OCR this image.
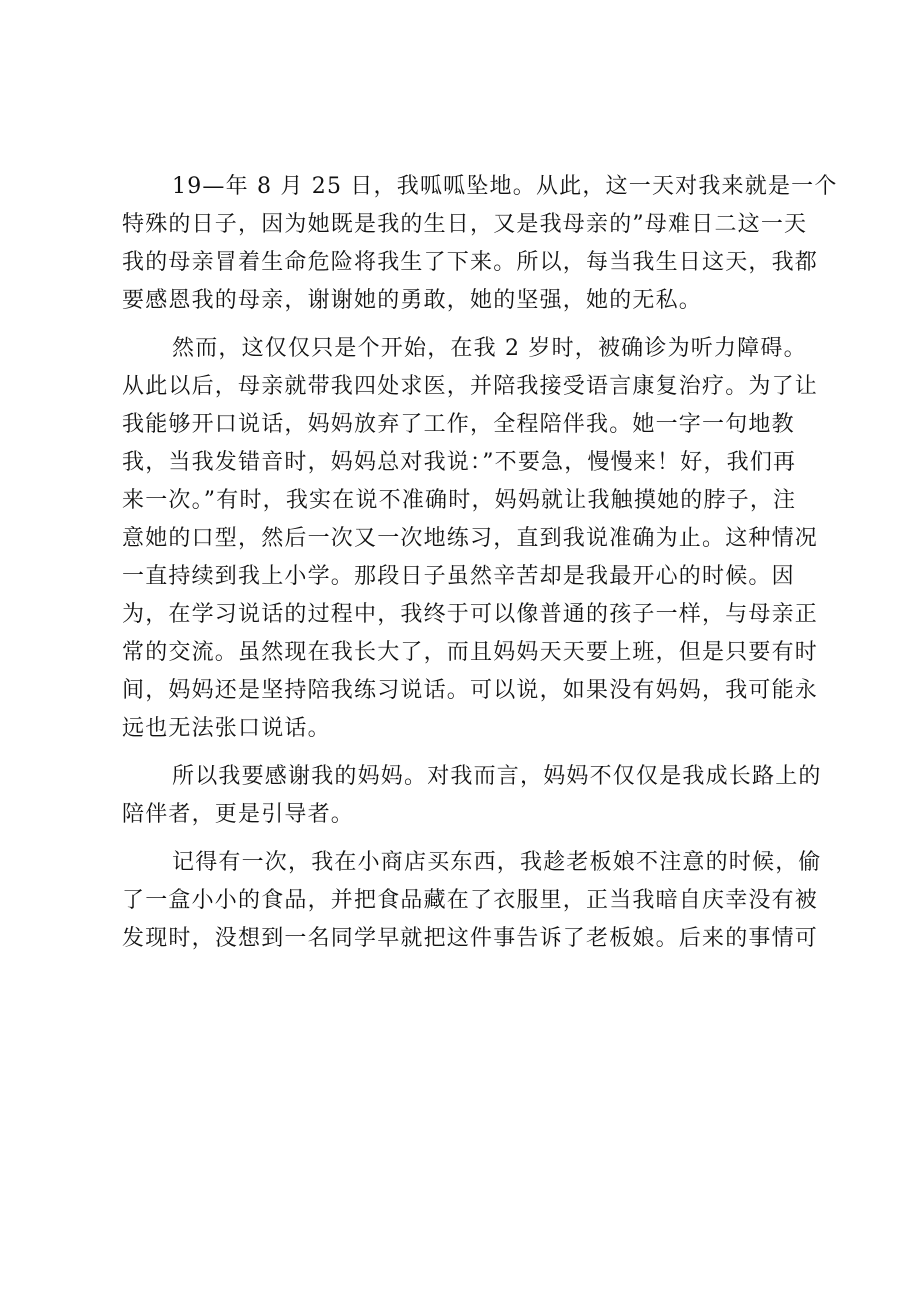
19—年 8 月 25 日，我呱呱坠地。从此，这一天对我来就是一个
特殊的日子，因为她既是我的生日，又是我母亲的”母难日二这一天
我的母亲冒着生命危险将我生了下来。所以，每当我生日这天，我都
要感恩我的母亲，谢谢她的勇敢，她的坚强，她的无私。
然而，这仅仅只是个开始，在我 2 岁时，被确诊为听力障碍。
从此以后，母亲就带我四处求医，并陪我接受语言康复治疗。为了让
我能够开口说话，妈妈放弃了工作，全程陪伴我。她一字一句地教
我，当我发错音时，妈妈总对我说：”不要急，慢慢来！好，我们再
来一次。”有时，我实在说不准确时，妈妈就让我触摸她的脖子，注
意她的口型，然后一次又一次地练习，直到我说准确为止。这种情况
一直持续到我上小学。那段日子虽然辛苦却是我最开心的时候。因
为，在学习说话的过程中，我终于可以像普通的孩子一样，与母亲正
常的交流。虽然现在我长大了，而且妈妈天天要上班，但是只要有时
间，妈妈还是坚持陪我练习说话。可以说，如果没有妈妈，我可能永
远也无法张口说话。
所以我要感谢我的妈妈。对我而言，妈妈不仅仅是我成长路上的
陪伴者，更是引导者。
记得有一次，我在小商店买东西，我趁老板娘不注意的时候，偷
了一盒小小的食品，并把食品藏在了衣服里，正当我暗自庆幸没有被
发现时，没想到一名同学早就把这件事告诉了老板娘。后来的事情可
